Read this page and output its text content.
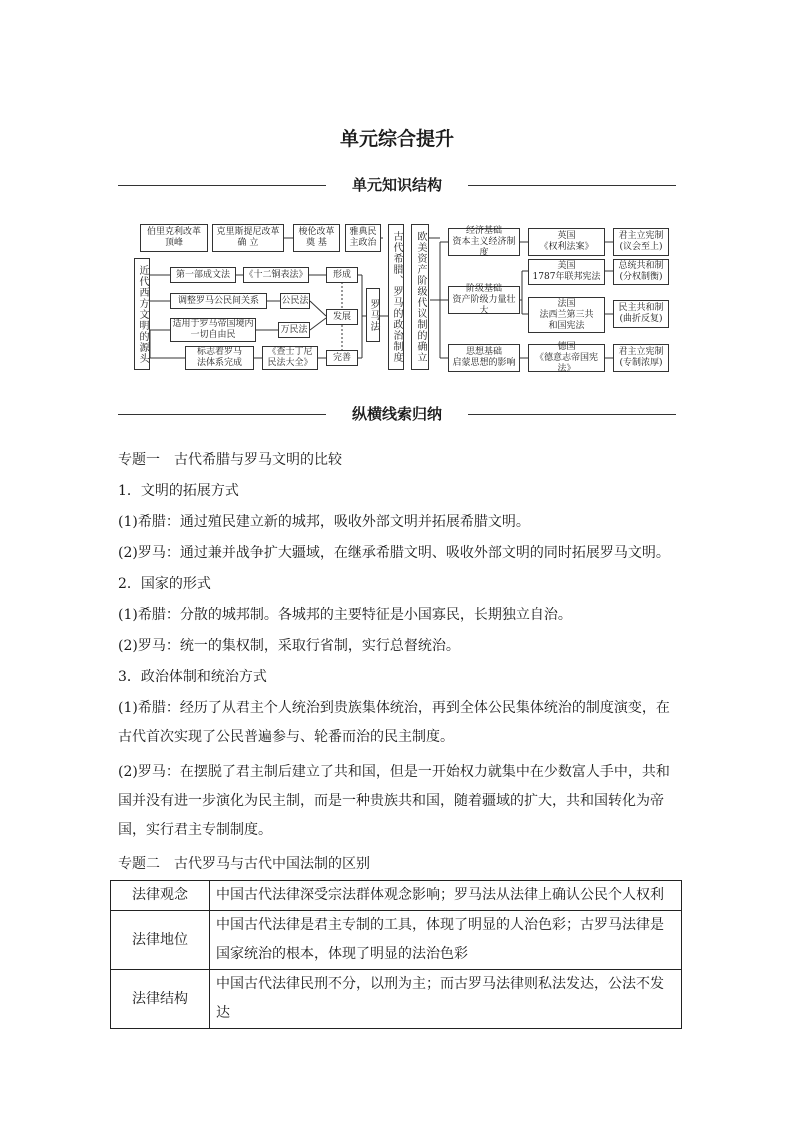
单元综合提升
单元知识结构
伯里克利改革
顶峰
克里斯提尼改革
确 立
梭伦改革
奠 基
雅典民
主政治
近代西方文明的源头	第一部成文法	《十二铜表法》	形成
调整罗马公民间关系	公民法
发展
适用于罗马帝国境内
一切自由民
万民法
标志着罗马
法体系完成
《查士丁尼
民法大全》
完善
罗马法 古代希腊、罗马的政治制度 欧美资产阶级代议制的确立
经济基础
资本主义经济制度
阶级基础
资产阶级力量壮大
思想基础
启蒙思想的影响
英国
《权利法案》
美国
1787年联邦宪法
法国
法西兰第三共
和国宪法
德国
《德意志帝国宪法》
君主立宪制
(议会至上)
总统共和制
(分权制衡)
民主共和制
(曲折反复)
君主立宪制
(专制浓厚)
纵横线索归纳
专题一　古代希腊与罗马文明的比较
1．文明的拓展方式
(1)希腊：通过殖民建立新的城邦，吸收外部文明并拓展希腊文明。
(2)罗马：通过兼并战争扩大疆域，在继承希腊文明、吸收外部文明的同时拓展罗马文明。
2．国家的形式
(1)希腊：分散的城邦制。各城邦的主要特征是小国寡民，长期独立自治。
(2)罗马：统一的集权制，采取行省制，实行总督统治。
3．政治体制和统治方式
(1)希腊：经历了从君主个人统治到贵族集体统治，再到全体公民集体统治的制度演变，在古代首次实现了公民普遍参与、轮番而治的民主制度。
(2)罗马：在摆脱了君主制后建立了共和国，但是一开始权力就集中在少数富人手中，共和国并没有进一步演化为民主制，而是一种贵族共和国，随着疆域的扩大，共和国转化为帝国，实行君主专制制度。
专题二　古代罗马与古代中国法制的区别
法律观念	中国古代法律深受宗法群体观念影响；罗马法从法律上确认公民个人权利
法律地位	中国古代法律是君主专制的工具，体现了明显的人治色彩；古罗马法律是国家统治的根本，体现了明显的法治色彩
法律结构	中国古代法律民刑不分，以刑为主；而古罗马法律则私法发达，公法不发达
